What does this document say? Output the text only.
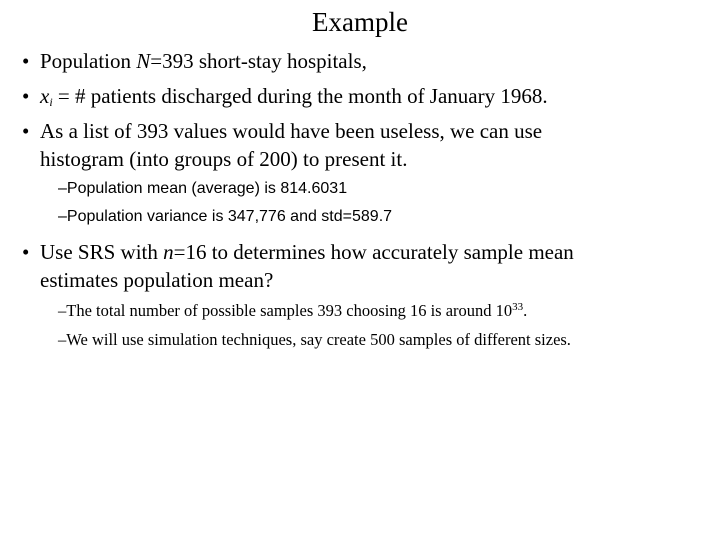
Example
• Population N=393 short-stay hospitals,
• $x_i$ = # patients discharged during the month of January 1968.
• As a list of 393 values would have been useless, we can use
histogram (into groups of 200) to present it.
–Population mean (average) is 814.6031
–Population variance is 347,776 and std=589.7
• Use SRS with n=16 to determines how accurately sample mean
estimates population mean?
–The total number of possible samples 393 choosing 16 is around $10^{33}$.
–We will use simulation techniques, say create 500 samples of different sizes.
